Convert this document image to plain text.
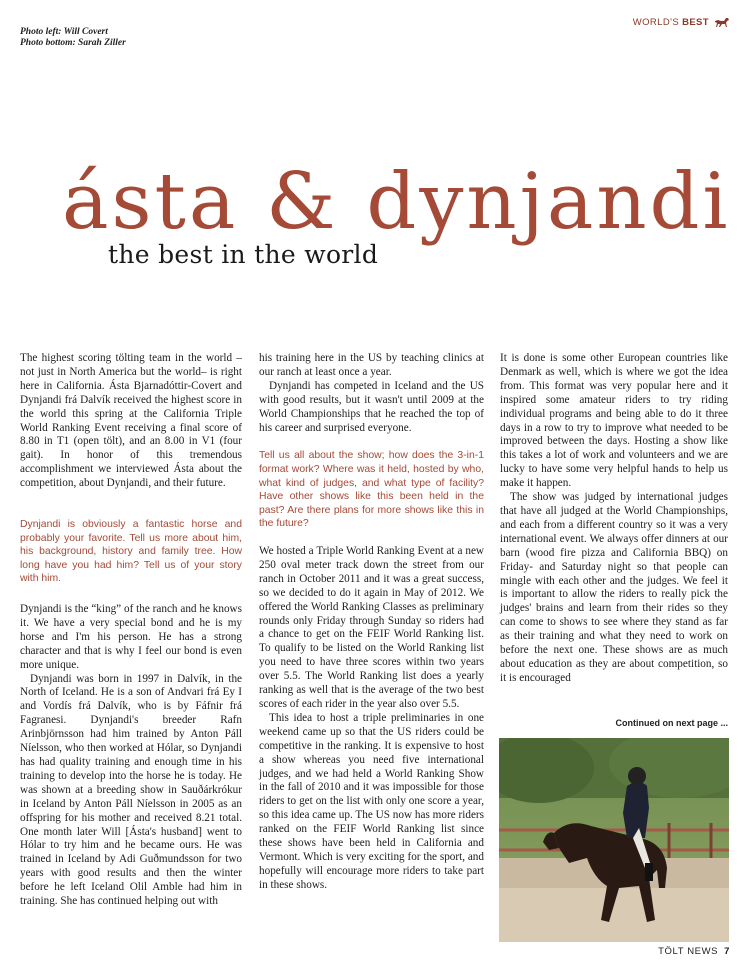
Photo left: Will Covert
Photo bottom: Sarah Ziller
WORLD'S BEST
ásta & dynjandi
the best in the world

The highest scoring tölting team in the world –not just in North America but the world– is right here in California. Ásta Bjarnadóttir-Covert and Dynjandi frá Dalvík received the highest score in the world this spring at the California Triple World Ranking Event receiving a final score of 8.80 in T1 (open tölt), and an 8.00 in V1 (four gait). In honor of this tremendous accomplishment we interviewed Ásta about the competition, about Dynjandi, and their future.

Dynjandi is obviously a fantastic horse and probably your favorite. Tell us more about him, his background, history and family tree. How long have you had him? Tell us of your story with him.

Dynjandi is the “king” of the ranch and he knows it. We have a very special bond and he is my horse and I'm his person. He has a strong character and that is why I feel our bond is even more unique.

Dynjandi was born in 1997 in Dalvík, in the North of Iceland. He is a son of Andvari frá Ey I and Vordís frá Dalvík, who is by Fáfnir frá Fagranesi. Dynjandi's breeder Rafn Arinbjörnsson had him trained by Anton Páll Níelsson, who then worked at Hólar, so Dynjandi has had quality training and enough time in his training to develop into the horse he is today. He was shown at a breeding show in Sauðárkrókur in Iceland by Anton Páll Níelsson in 2005 as an offspring for his mother and received 8.21 total. One month later Will [Ásta's husband] went to Hólar to try him and he became ours. He was trained in Iceland by Adi Guðmundsson for two years with good results and then the winter before he left Iceland Olil Amble had him in training. She has continued helping out with

his training here in the US by teaching clinics at our ranch at least once a year.

Dynjandi has competed in Iceland and the US with good results, but it wasn't until 2009 at the World Championships that he reached the top of his career and surprised everyone.

Tell us all about the show; how does the 3-in-1 format work? Where was it held, hosted by who, what kind of judges, and what type of facility? Have other shows like this been held in the past? Are there plans for more shows like this in the future?

We hosted a Triple World Ranking Event at a new 250 oval meter track down the street from our ranch in October 2011 and it was a great success, so we decided to do it again in May of 2012. We offered the World Ranking Classes as preliminary rounds only Friday through Sunday so riders had a chance to get on the FEIF World Ranking list. To qualify to be listed on the World Ranking list you need to have three scores within two years over 5.5. The World Ranking list does a yearly ranking as well that is the average of the two best scores of each rider in the year also over 5.5.

This idea to host a triple preliminaries in one weekend came up so that the US riders could be competitive in the ranking. It is expensive to host a show whereas you need five international judges, and we had held a World Ranking Show in the fall of 2010 and it was impossible for those riders to get on the list with only one score a year, so this idea came up. The US now has more riders ranked on the FEIF World Ranking list since these shows have been held in California and Vermont. Which is very exciting for the sport, and hopefully will encourage more riders to take part in these shows.

It is done is some other European countries like Denmark as well, which is where we got the idea from. This format was very popular here and it inspired some amateur riders to try riding individual programs and being able to do it three days in a row to try to improve what needed to be improved between the days. Hosting a show like this takes a lot of work and volunteers and we are lucky to have some very helpful hands to help us make it happen.

The show was judged by international judges that have all judged at the World Championships, and each from a different country so it was a very international event. We always offer dinners at our barn (wood fire pizza and California BBQ) on Friday- and Saturday night so that people can mingle with each other and the judges. We feel it is important to allow the riders to really pick the judges' brains and learn from their rides so they can come to shows to see where they stand as far as their training and what they need to work on before the next one. These shows are as much about education as they are about competition, so it is encouraged

Continued on next page ...
TÖLT NEWS 7
